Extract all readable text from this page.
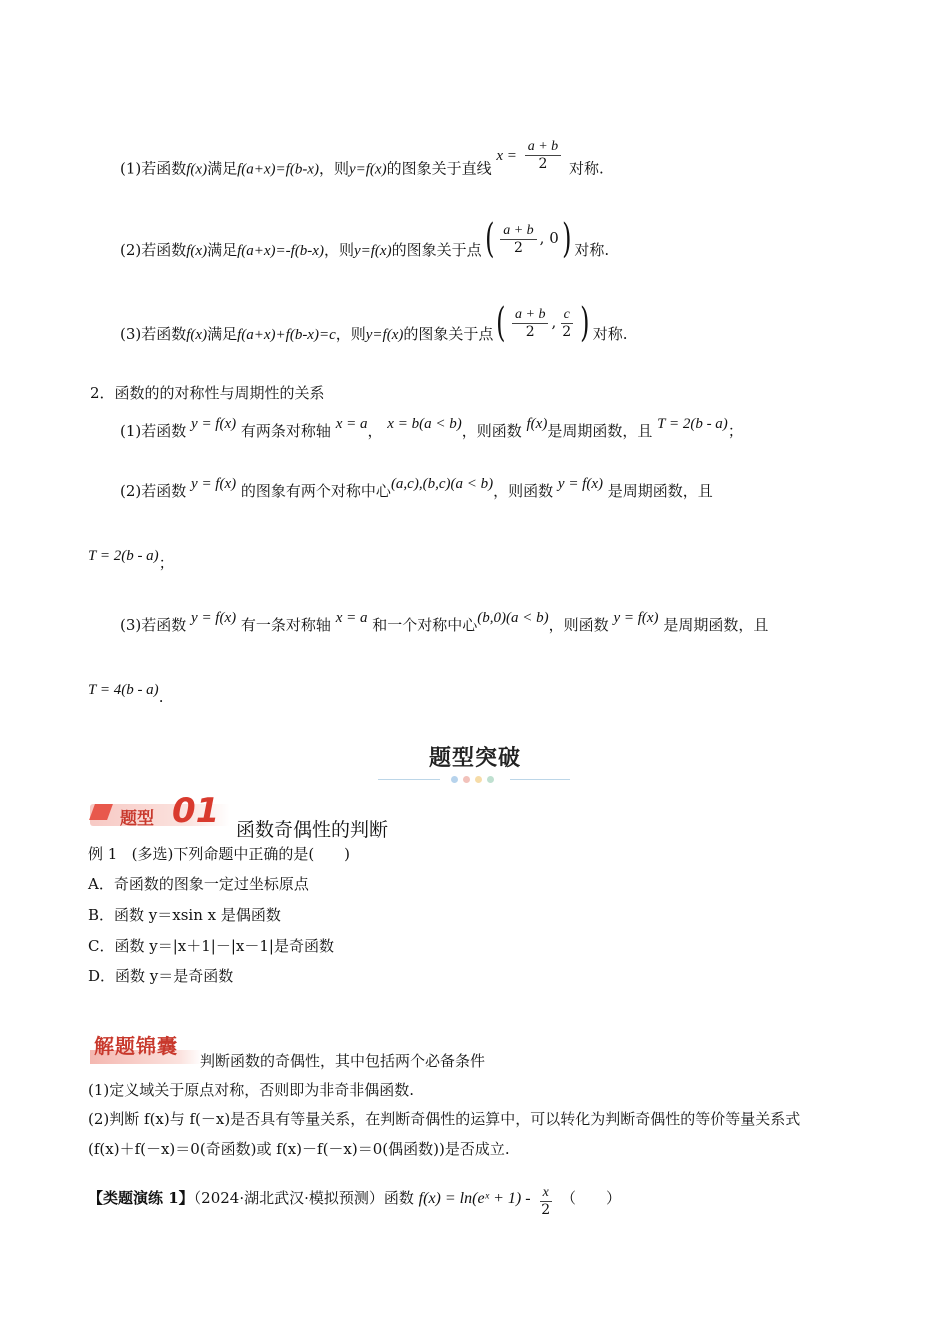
(1)若函数f(x)满足f(a+x)=f(b-x)，则y=f(x)的图象关于直线 $x = \frac{a + b}{2}$ 对称.
(2)若函数f(x)满足f(a+x)=-f(b-x)，则y=f(x)的图象关于点( $\frac{a + b}{2}$ , 0) 对称.
(3)若函数f(x)满足f(a+x)+f(b-x)=c，则y=f(x)的图象关于点( $\frac{a + b}{2}$ , $\frac{c}{2}$ ) 对称.
2．函数的的对称性与周期性的关系
(1)若函数 y = f(x) 有两条对称轴 x = a， x = b(a < b)，则函数 f(x)是周期函数，且 T = 2(b - a)；
(2)若函数 y = f(x) 的图象有两个对称中心(a,c),(b,c)(a < b)，则函数 y = f(x) 是周期函数，且
T = 2(b - a)；
(3)若函数 y = f(x) 有一条对称轴 x = a 和一个对称中心(b,0)(a < b)，则函数 y = f(x) 是周期函数，且
T = 4(b - a).
题型突破
题型 01 函数奇偶性的判断
例 1 (多选)下列命题中正确的是(　　)
A．奇函数的图象一定过坐标原点
B．函数 y＝xsin x 是偶函数
C．函数 y＝|x＋1|－|x－1|是奇函数
D．函数 y＝是奇函数
解题锦囊
判断函数的奇偶性，其中包括两个必备条件
(1)定义域关于原点对称，否则即为非奇非偶函数.
(2)判断 f(x)与 f(－x)是否具有等量关系，在判断奇偶性的运算中，可以转化为判断奇偶性的等价等量关系式
(f(x)＋f(－x)＝0(奇函数)或 f(x)－f(－x)＝0(偶函数))是否成立.
【类题演练 1】（2024·湖北武汉·模拟预测）函数 f(x) = ln(eˣ + $1) - \frac{x}{2}$ （　　）
